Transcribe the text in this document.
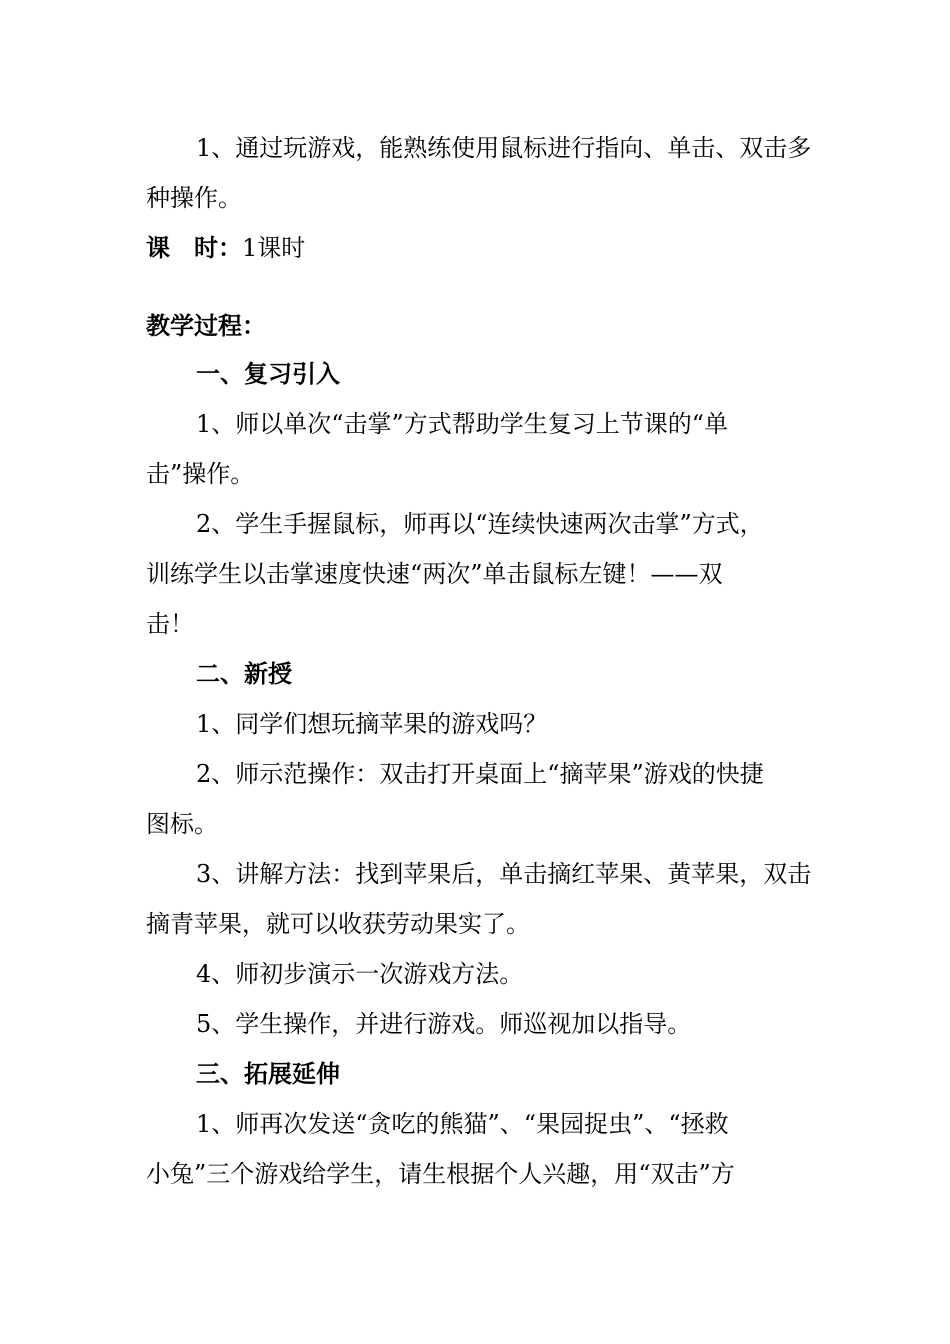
1、通过玩游戏，能熟练使用鼠标进行指向、单击、双击多
种操作。
课　时：1课时
教学过程：
一、复习引入
1、师以单次“击掌”方式帮助学生复习上节课的“单
击”操作。
2、学生手握鼠标，师再以“连续快速两次击掌”方式，
训练学生以击掌速度快速“两次”单击鼠标左键！——双
击！
二、新授
1、同学们想玩摘苹果的游戏吗？
2、师示范操作：双击打开桌面上“摘苹果”游戏的快捷
图标。
3、讲解方法：找到苹果后，单击摘红苹果、黄苹果，双击
摘青苹果，就可以收获劳动果实了。
4、师初步演示一次游戏方法。
5、学生操作，并进行游戏。师巡视加以指导。
三、拓展延伸
1、师再次发送“贪吃的熊猫”、“果园捉虫”、“拯救
小兔”三个游戏给学生，请生根据个人兴趣，用“双击”方
